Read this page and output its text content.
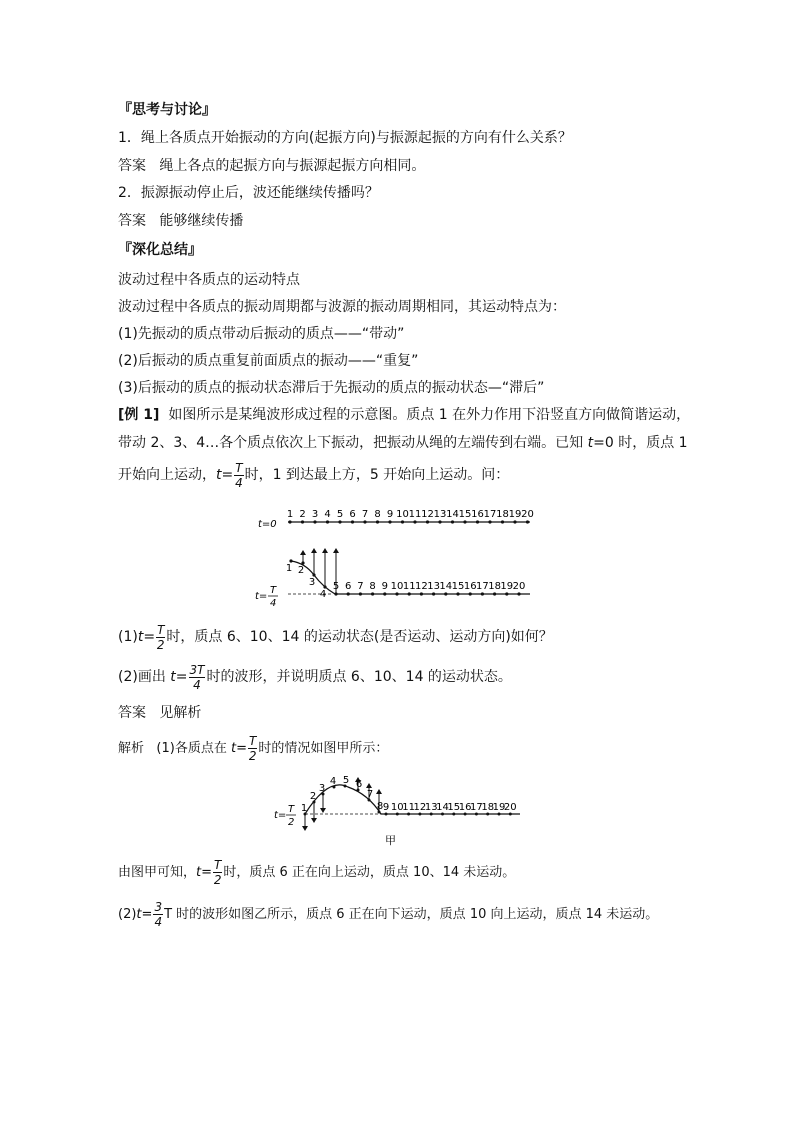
『思考与讨论』
1．绳上各质点开始振动的方向(起振方向)与振源起振的方向有什么关系？
答案 绳上各点的起振方向与振源起振方向相同。
2．振源振动停止后，波还能继续传播吗？
答案 能够继续传播
『深化总结』
波动过程中各质点的运动特点
波动过程中各质点的振动周期都与波源的振动周期相同，其运动特点为：
(1)先振动的质点带动后振动的质点——“带动”
(2)后振动的质点重复前面质点的振动——“重复”
(3)后振动的质点的振动状态滞后于先振动的质点的振动状态—“滞后”
[例 1] 如图所示是某绳波形成过程的示意图。质点 1 在外力作用下沿竖直方向做简谐运动，
带动 2、3、4…各个质点依次上下振动，把振动从绳的左端传到右端。已知 t=0 时，质点 1
开始向上运动，$t= \frac{T}{4}$ 时，1 到达最上方，5 开始向上运动。问：
t=0
1 2 3 4 5 6 7 8 9 10 11 12 13 14 15 16 17 18 19 20
t=
T
4
1 2
3
4
5 6 7 8 9 10 11 12 13 14 15 16 17 18 19 20
$(1)t= \frac{T}{2}$ 时，质点 6、10、14 的运动状态(是否运动、运动方向)如何？
(2)画出 $t= \frac{3T}{4}$ 时的波形，并说明质点 6、10、14 的运动状态。
答案 见解析
解析 (1)各质点在 $t= \frac{T}{2}$ 时的情况如图甲所示：
t=
T
2
1
2
3
4 5 6
7
8 9 10
11
12
13
14
15
16
17
18
19
20
甲
由图甲可知，$t= \frac{T}{2}$ 时，质点 6 正在向上运动，质点 10、14 未运动。
$(2)t= \frac{3}{4}$ T 时的波形如图乙所示，质点 6 正在向下运动，质点 10 向上运动，质点 14 未运动。
